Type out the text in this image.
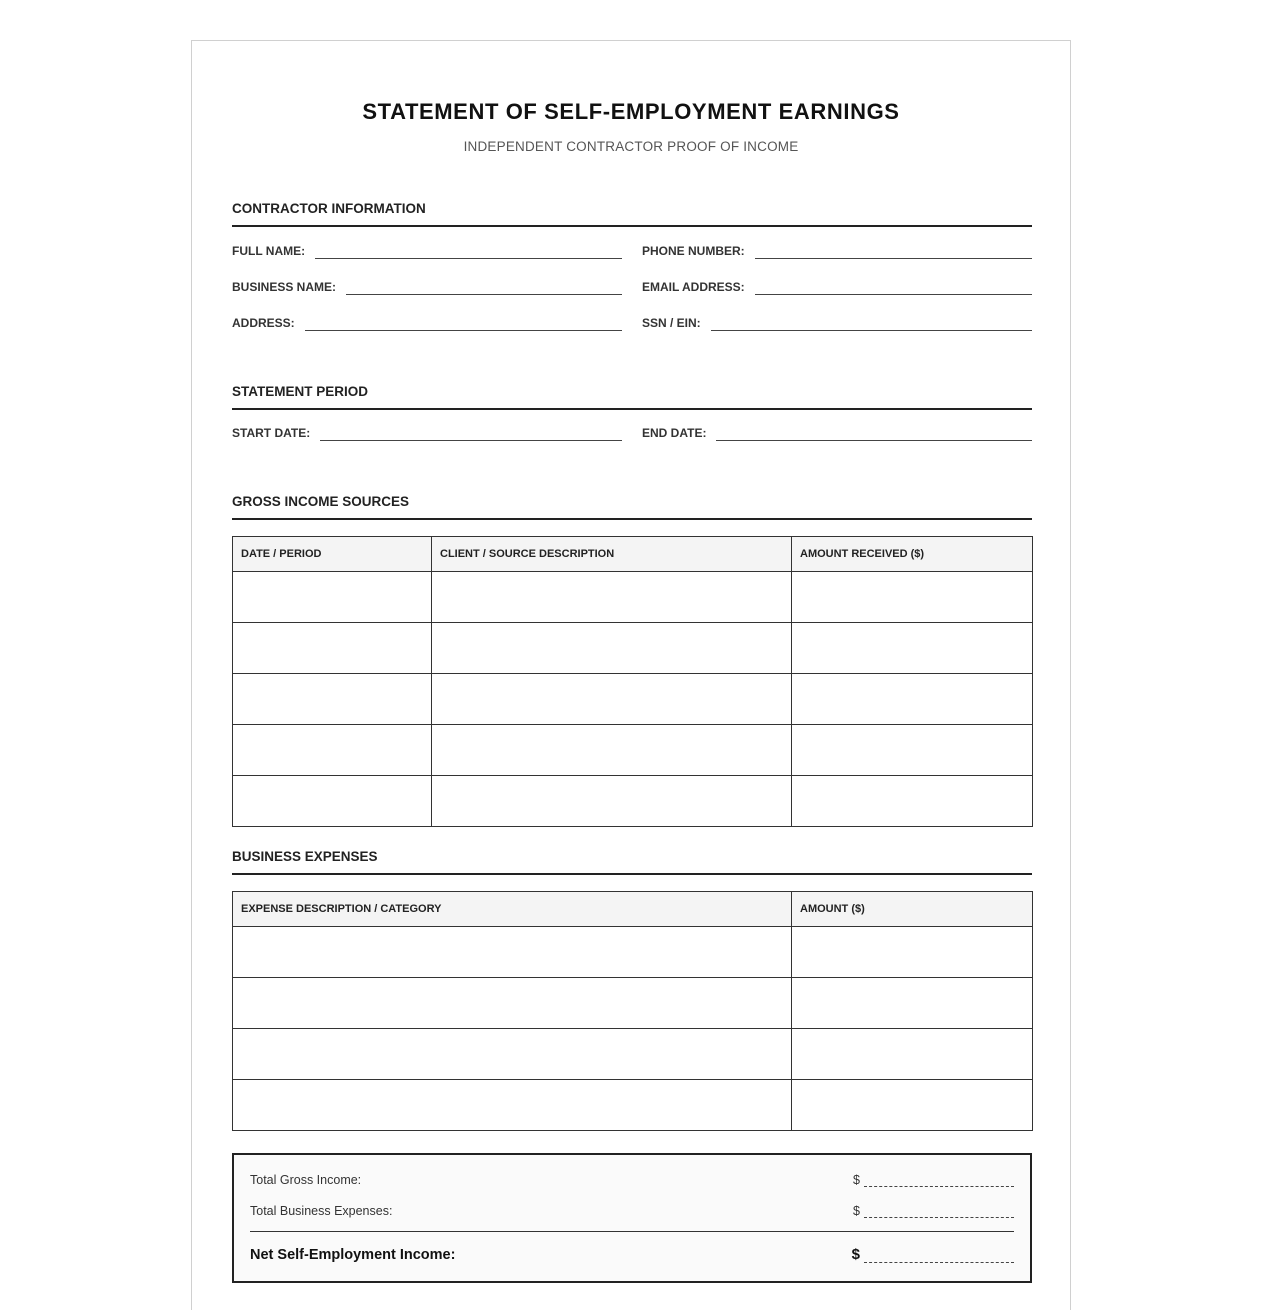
STATEMENT OF SELF-EMPLOYMENT EARNINGS
INDEPENDENT CONTRACTOR PROOF OF INCOME
CONTRACTOR INFORMATION
FULL NAME:	PHONE NUMBER:
BUSINESS NAME:	EMAIL ADDRESS:
ADDRESS:	SSN / EIN:
STATEMENT PERIOD
START DATE:	END DATE:
GROSS INCOME SOURCES
DATE / PERIOD	CLIENT / SOURCE DESCRIPTION	AMOUNT RECEIVED ($)

BUSINESS EXPENSES
EXPENSE DESCRIPTION / CATEGORY	AMOUNT ($)

Total Gross Income:	$
Total Business Expenses:	$
Net Self-Employment Income:	$
